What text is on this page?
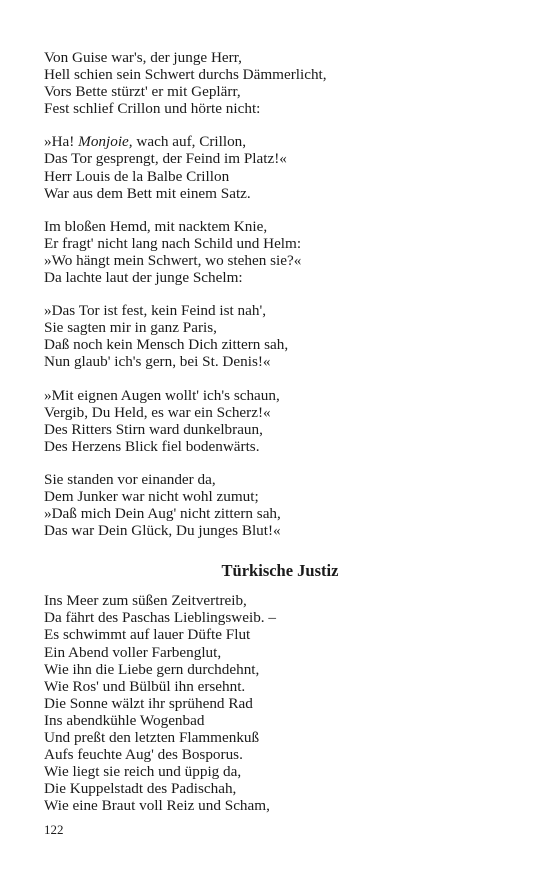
Von Guise war's, der junge Herr,
Hell schien sein Schwert durchs Dämmerlicht,
Vors Bette stürzt' er mit Geplärr,
Fest schlief Crillon und hörte nicht:
»Ha! Monjoie, wach auf, Crillon,
Das Tor gesprengt, der Feind im Platz!«
Herr Louis de la Balbe Crillon
War aus dem Bett mit einem Satz.
Im bloßen Hemd, mit nacktem Knie,
Er fragt' nicht lang nach Schild und Helm:
»Wo hängt mein Schwert, wo stehen sie?«
Da lachte laut der junge Schelm:
»Das Tor ist fest, kein Feind ist nah',
Sie sagten mir in ganz Paris,
Daß noch kein Mensch Dich zittern sah,
Nun glaub' ich's gern, bei St. Denis!«
»Mit eignen Augen wollt' ich's schaun,
Vergib, Du Held, es war ein Scherz!«
Des Ritters Stirn ward dunkelbraun,
Des Herzens Blick fiel bodenwärts.
Sie standen vor einander da,
Dem Junker war nicht wohl zumut;
»Daß mich Dein Aug' nicht zittern sah,
Das war Dein Glück, Du junges Blut!«
Türkische Justiz
Ins Meer zum süßen Zeitvertreib,
Da fährt des Paschas Lieblingsweib. –
Es schwimmt auf lauer Düfte Flut
Ein Abend voller Farbenglut,
Wie ihn die Liebe gern durchdehnt,
Wie Ros' und Bülbül ihn ersehnt.
Die Sonne wälzt ihr sprühend Rad
Ins abendkühle Wogenbad
Und preßt den letzten Flammenkuß
Aufs feuchte Aug' des Bosporus.
Wie liegt sie reich und üppig da,
Die Kuppelstadt des Padischah,
Wie eine Braut voll Reiz und Scham,
122
